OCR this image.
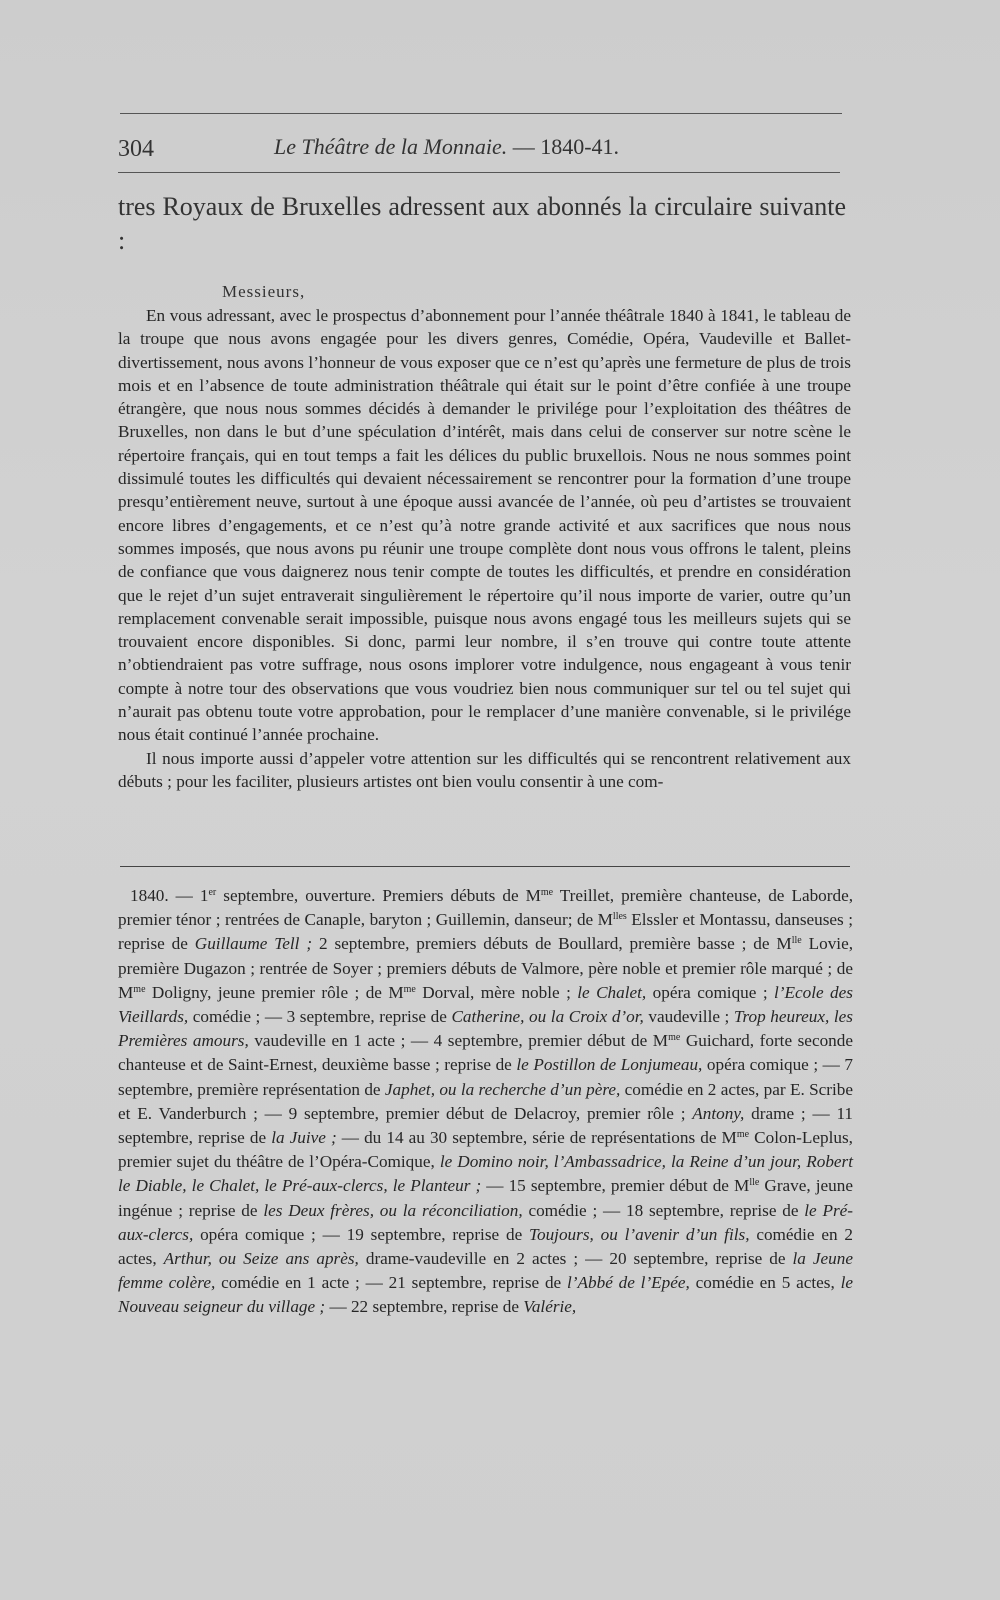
304	Le Théâtre de la Monnaie. — 1840-41.
tres Royaux de Bruxelles adressent aux abonnés la circulaire suivante :
Messieurs,

En vous adressant, avec le prospectus d’abonnement pour l’année théâtrale 1840 à 1841, le tableau de la troupe que nous avons engagée pour les divers genres, Comédie, Opéra, Vaudeville et Ballet-divertissement, nous avons l’honneur de vous exposer que ce n’est qu’après une fermeture de plus de trois mois et en l’absence de toute administration théâtrale qui était sur le point d’être confiée à une troupe étrangère, que nous nous sommes décidés à demander le privilége pour l’exploitation des théâtres de Bruxelles, non dans le but d’une spéculation d’intérêt, mais dans celui de conserver sur notre scène le répertoire français, qui en tout temps a fait les délices du public bruxellois. Nous ne nous sommes point dissimulé toutes les difficultés qui devaient nécessairement se rencontrer pour la formation d’une troupe presqu’entièrement neuve, surtout à une époque aussi avancée de l’année, où peu d’artistes se trouvaient encore libres d’engagements, et ce n’est qu’à notre grande activité et aux sacrifices que nous nous sommes imposés, que nous avons pu réunir une troupe complète dont nous vous offrons le talent, pleins de confiance que vous daignerez nous tenir compte de toutes les difficultés, et prendre en considération que le rejet d’un sujet entraverait singulièrement le répertoire qu’il nous importe de varier, outre qu’un remplacement convenable serait impossible, puisque nous avons engagé tous les meilleurs sujets qui se trouvaient encore disponibles. Si donc, parmi leur nombre, il s’en trouve qui contre toute attente n’obtiendraient pas votre suffrage, nous osons implorer votre indulgence, nous engageant à vous tenir compte à notre tour des observations que vous voudriez bien nous communiquer sur tel ou tel sujet qui n’aurait pas obtenu toute votre approbation, pour le remplacer d’une manière convenable, si le privilége nous était continué l’année prochaine.

Il nous importe aussi d’appeler votre attention sur les difficultés qui se rencontrent relativement aux débuts ; pour les faciliter, plusieurs artistes ont bien voulu consentir à une com-

1840. — 1er septembre, ouverture. Premiers débuts de $M^{me}$ Treillet, première chanteuse, de Laborde, premier ténor ; rentrées de Canaple, baryton ; Guillemin, danseur; de $M^{lles}$ Elssler et Montassu, danseuses ; reprise de Guillaume Tell ; 2 septembre, premiers débuts de Boullard, première basse ; de $M^{lle}$ Lovie, première Dugazon ; rentrée de Soyer ; premiers débuts de Valmore, père noble et premier rôle marqué ; de $M^{me}$ Doligny, jeune premier rôle ; de $M^{me}$ Dorval, mère noble ; le Chalet, opéra comique ; l’Ecole des Vieillards, comédie ; — 3 septembre, reprise de Catherine, ou la Croix d’or, vaudeville ; Trop heureux, les Premières amours, vaudeville en 1 acte ; — 4 septembre, premier début de $M^{me}$ Guichard, forte seconde chanteuse et de Saint-Ernest, deuxième basse ; reprise de le Postillon de Lonjumeau, opéra comique ; — 7 septembre, première représentation de Japhet, ou la recherche d’un père, comédie en 2 actes, par E. Scribe et E. Vanderburch ; — 9 septembre, premier début de Delacroy, premier rôle ; Antony, drame ; — 11 septembre, reprise de la Juive ; — du 14 au 30 septembre, série de représentations de $M^{me}$ Colon-Leplus, premier sujet du théâtre de l’Opéra-Comique, le Domino noir, l’Ambassadrice, la Reine d’un jour, Robert le Diable, le Chalet, le Pré-aux-clercs, le Planteur ; — 15 septembre, premier début de $M^{lle}$ Grave, jeune ingénue ; reprise de les Deux frères, ou la réconciliation, comédie ; — 18 septembre, reprise de le Pré-aux-clercs, opéra comique ; — 19 septembre, reprise de Toujours, ou l’avenir d’un fils, comédie en 2 actes, Arthur, ou Seize ans après, drame-vaudeville en 2 actes ; — 20 septembre, reprise de la Jeune femme colère, comédie en 1 acte ; — 21 septembre, reprise de l’Abbé de l’Epée, comédie en 5 actes, le Nouveau seigneur du village ; — 22 septembre, reprise de Valérie,
